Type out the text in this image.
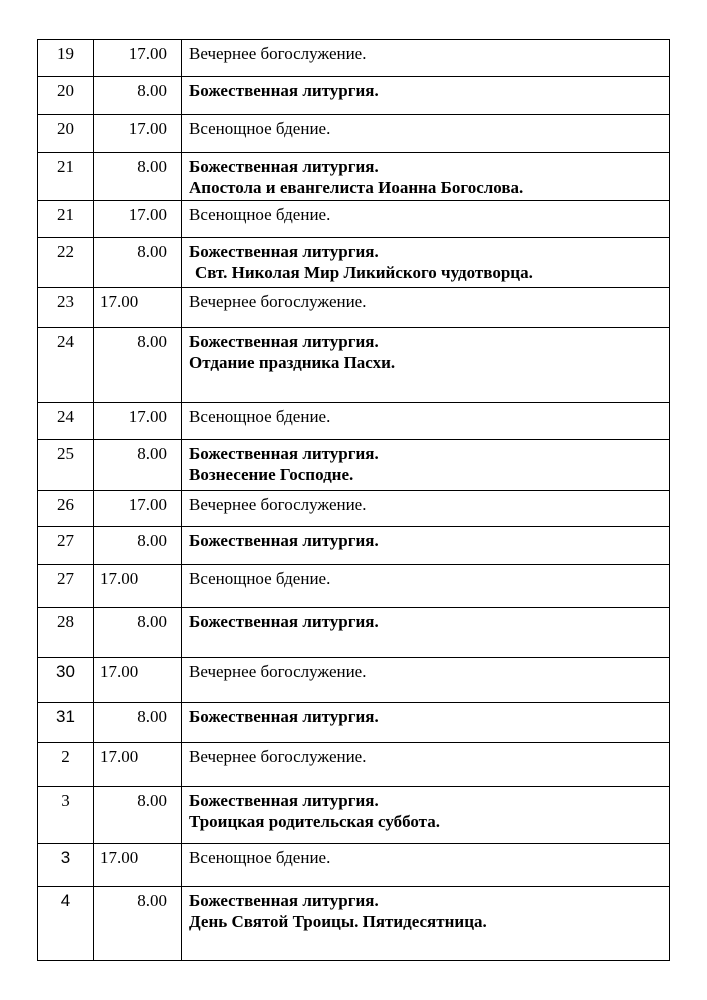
19	17.00	Вечернее богослужение.

20	8.00	Божественная литургия.

20	17.00	Всенощное бдение.

21	8.00	Божественная литургия.
Апостола и евангелиста Иоанна Богослова.

21	17.00	Всенощное бдение.

22	8.00	Божественная литургия.
Свт. Николая Мир Ликийского чудотворца.

23	17.00	Вечернее богослужение.

24	8.00	Божественная литургия.
Отдание праздника Пасхи.

24	17.00	Всенощное бдение.

25	8.00	Божественная литургия.
Вознесение Господне.

26	17.00	Вечернее богослужение.

27	8.00	Божественная литургия.

27	17.00	Всенощное бдение.

28	8.00	Божественная литургия.

30	17.00	Вечернее богослужение.

31	8.00	Божественная литургия.

2	17.00	Вечернее богослужение.

3	8.00	Божественная литургия.
Троицкая родительская суббота.

3	17.00	Всенощное бдение.

4	8.00	Божественная литургия.
День Святой Троицы. Пятидесятница.
